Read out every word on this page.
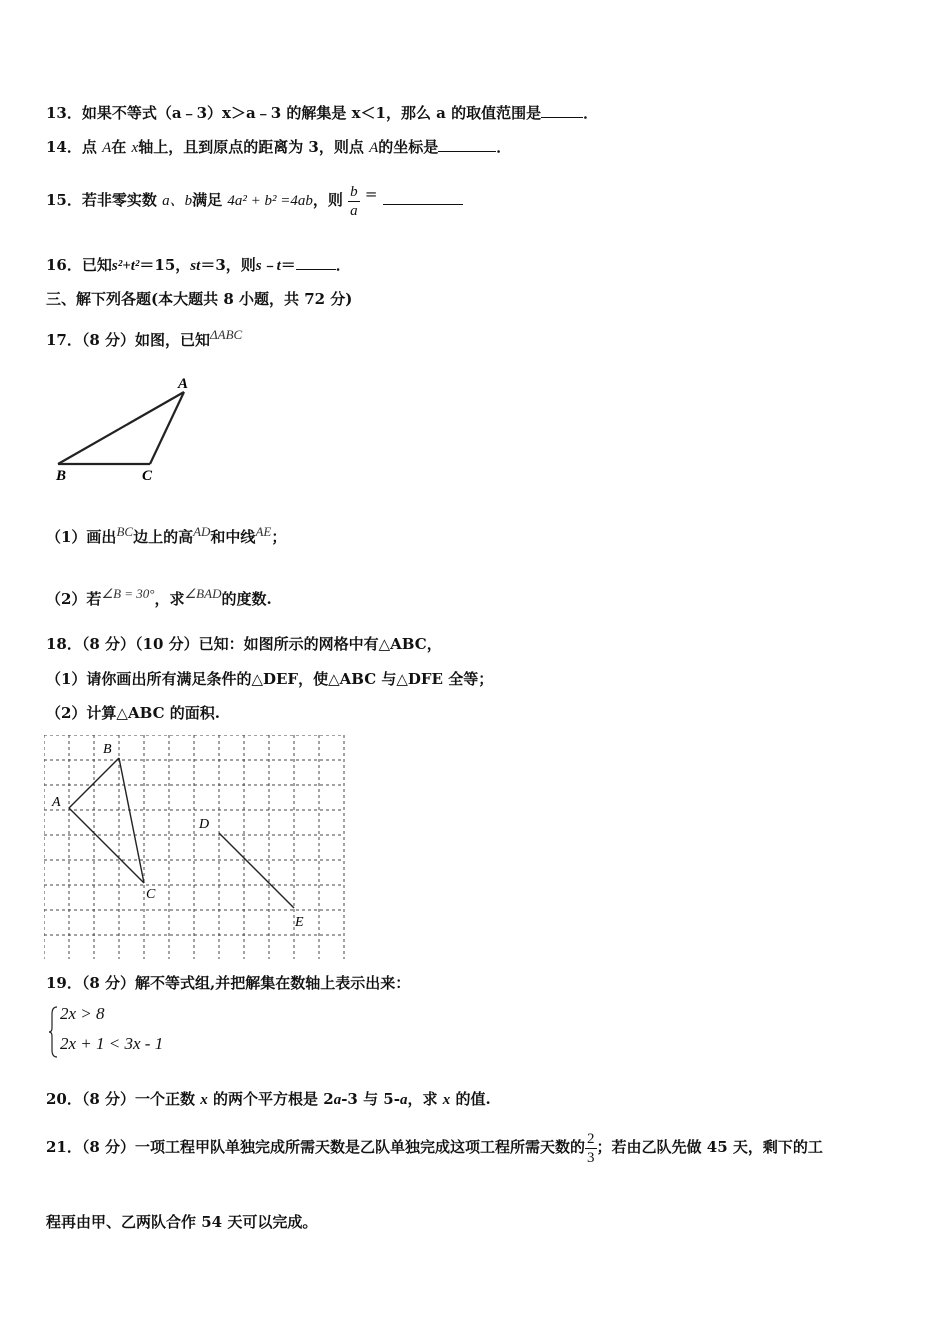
13．如果不等式（a﹣3）x＞a﹣3 的解集是 x＜1，那么 a 的取值范围是	．
14．点 A在 x轴上，且到原点的距离为 3，则点 A的坐标是	．
15．若非零实数 a、b满足 4a² + b² =4ab，则 $\frac{b}{a}$ =
16．已知s²+t²＝15，st＝3，则s﹣t＝	．
三、解下列各题(本大题共 8 小题，共 72 分)
17．（8 分）如图，已知ΔABC
A
B	C
（1）画出BC边上的高AD和中线AE；
（2）若∠B = 30°，求∠BAD的度数.
18．（8 分）（10 分）已知：如图所示的网格中有△ABC，
（1）请你画出所有满足条件的△DEF，使△ABC 与△DFE 全等；
（2）计算△ABC 的面积.
B
A
C
D
E
19．（8 分）解不等式组,并把解集在数轴上表示出来：
2x > 8
2x + 1 < 3x - 1
20．（8 分）一个正数 x 的两个平方根是 2a-3 与 5-a，求 x 的值.
21．（8 分）一项工程甲队单独完成所需天数是乙队单独完成这项工程所需天数的 $\frac{2}{3}$ ；若由乙队先做 45 天，剩下的工
程再由甲、乙两队合作 54 天可以完成。
